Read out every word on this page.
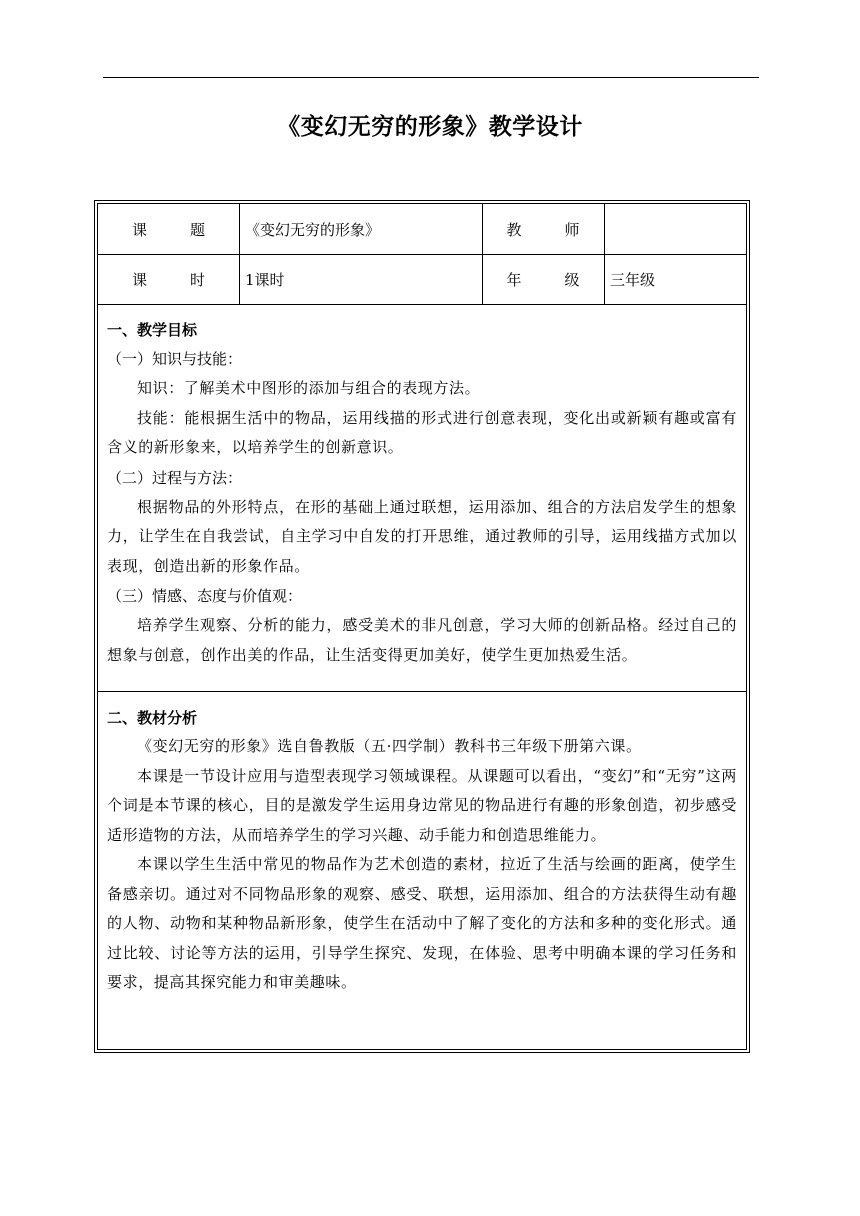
《变幻无穷的形象》教学设计
课　题	《变幻无穷的形象》	教　师
课　时	1课时	年　级	三年级
一、教学目标
（一）知识与技能：
知识：了解美术中图形的添加与组合的表现方法。
技能：能根据生活中的物品，运用线描的形式进行创意表现，变化出或新颖有趣或富有含义的新形象来，以培养学生的创新意识。
（二）过程与方法：
根据物品的外形特点，在形的基础上通过联想，运用添加、组合的方法启发学生的想象力，让学生在自我尝试，自主学习中自发的打开思维，通过教师的引导，运用线描方式加以表现，创造出新的形象作品。
（三）情感、态度与价值观：
培养学生观察、分析的能力，感受美术的非凡创意，学习大师的创新品格。经过自己的想象与创意，创作出美的作品，让生活变得更加美好，使学生更加热爱生活。
二、教材分析
《变幻无穷的形象》选自鲁教版（五·四学制）教科书三年级下册第六课。
本课是一节设计应用与造型表现学习领域课程。从课题可以看出，“变幻”和“无穷”这两个词是本节课的核心，目的是激发学生运用身边常见的物品进行有趣的形象创造，初步感受适形造物的方法，从而培养学生的学习兴趣、动手能力和创造思维能力。
本课以学生生活中常见的物品作为艺术创造的素材，拉近了生活与绘画的距离，使学生备感亲切。通过对不同物品形象的观察、感受、联想，运用添加、组合的方法获得生动有趣的人物、动物和某种物品新形象，使学生在活动中了解了变化的方法和多种的变化形式。通过比较、讨论等方法的运用，引导学生探究、发现，在体验、思考中明确本课的学习任务和要求，提高其探究能力和审美趣味。
